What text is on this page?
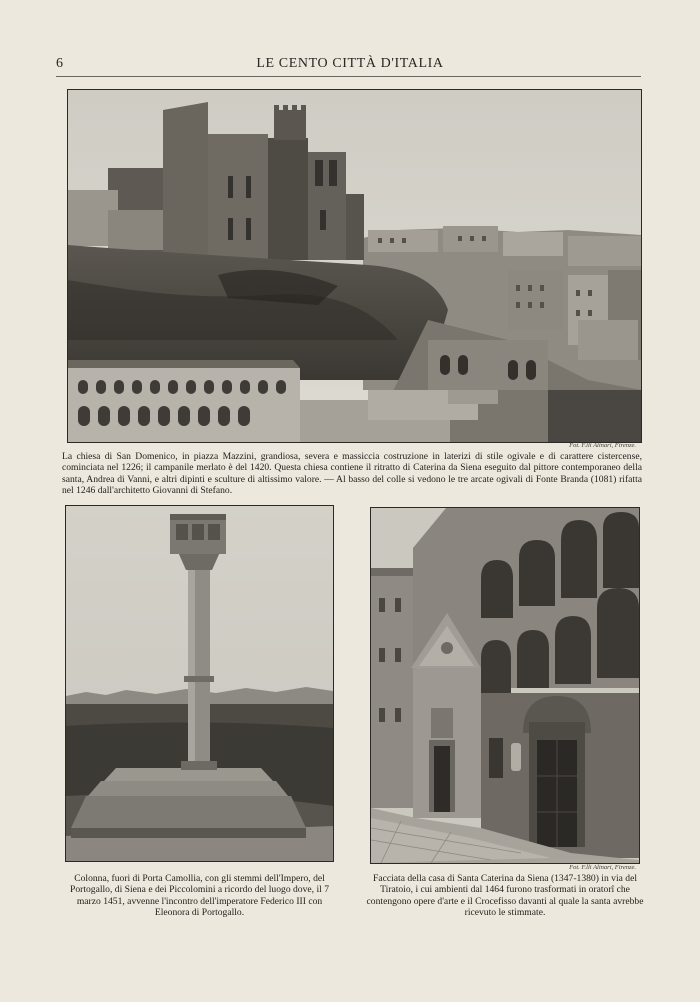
6	LE CENTO CITTÀ D'ITALIA
Fot. F.lli Alinari, Firenze.
La chiesa di San Domenico, in piazza Mazzini, grandiosa, severa e massiccia costruzione in laterizi di stile ogivale e di carattere cistercense, cominciata nel 1226; il campanile merlato è del 1420. Questa chiesa contiene il ritratto di Caterina da Siena eseguito dal pittore contemporaneo della santa, Andrea di Vanni, e altri dipinti e sculture di altissimo valore. — Al basso del colle si vedono le tre arcate ogivali di Fonte Branda (1081) rifatta nel 1246 dall'architetto Giovanni di Stefano.
Colonna, fuori di Porta Camollia, con gli stemmi dell'Impero, del Portogallo, di Siena e dei Piccolomini a ricordo del luogo dove, il 7 marzo 1451, avvenne l'incontro dell'imperatore Federico III con Eleonora di Portogallo.
Fot. F.lli Alinari, Firenze.
Facciata della casa di Santa Caterina da Siena (1347-1380) in via del Tiratoio, i cui ambienti dal 1464 furono trasformati in oratorî che contengono opere d'arte e il Crocefisso davanti al quale la santa avrebbe ricevuto le stimmate.
